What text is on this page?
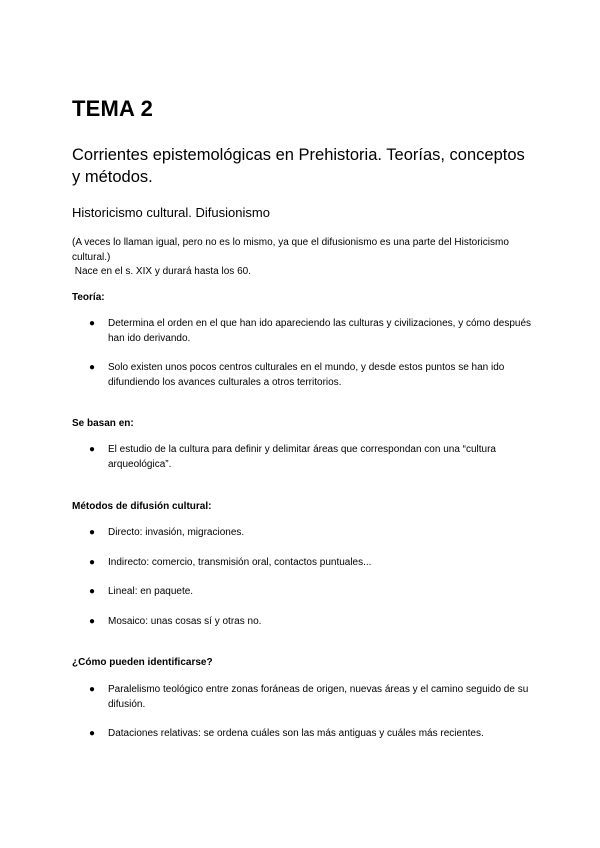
TEMA 2
Corrientes epistemológicas en Prehistoria. Teorías, conceptos y métodos.
Historicismo cultural. Difusionismo

(A veces lo llaman igual, pero no es lo mismo, ya que el difusionismo es una parte del Historicismo cultural.)

Nace en el s. XIX y durará hasta los 60.

Teoría:

● Determina el orden en el que han ido apareciendo las culturas y civilizaciones, y cómo después han ido derivando.
● Solo existen unos pocos centros culturales en el mundo, y desde estos puntos se han ido difundiendo los avances culturales a otros territorios.

Se basan en:

● El estudio de la cultura para definir y delimitar áreas que correspondan con una “cultura arqueológica”.

Métodos de difusión cultural:

● Directo: invasión, migraciones.
● Indirecto: comercio, transmisión oral, contactos puntuales...
● Lineal: en paquete.
● Mosaico: unas cosas sí y otras no.

¿Cómo pueden identificarse?

● Paralelismo teológico entre zonas foráneas de origen, nuevas áreas y el camino seguido de su difusión.
● Dataciones relativas: se ordena cuáles son las más antiguas y cuáles más recientes.
